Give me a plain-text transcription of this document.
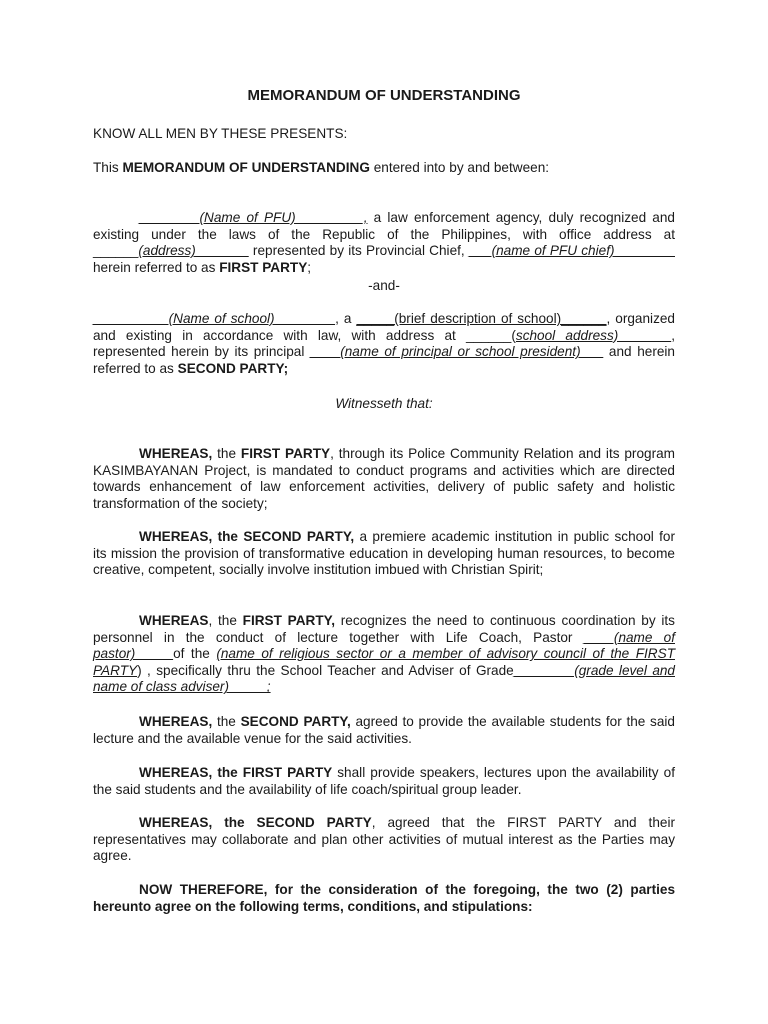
MEMORANDUM OF UNDERSTANDING
KNOW ALL MEN BY THESE PRESENTS:
This MEMORANDUM OF UNDERSTANDING entered into by and between:
________(Name of PFU)_________, a law enforcement agency, duly recognized and existing under the laws of the Republic of the Philippines, with office address at ______(address)_______ represented by its Provincial Chief, ___(name of PFU chief)________ herein referred to as FIRST PARTY;
-and-
__________(Name of school)________, a _____(brief description of school)______, organized and existing in accordance with law, with address at ______(school address)_______, represented herein by its principal ____(name of principal or school president)___ and herein referred to as SECOND PARTY;
Witnesseth that:
WHEREAS, the FIRST PARTY, through its Police Community Relation and its program KASIMBAYANAN Project, is mandated to conduct programs and activities which are directed towards enhancement of law enforcement activities, delivery of public safety and holistic transformation of the society;
WHEREAS, the SECOND PARTY, a premiere academic institution in public school for its mission the provision of transformative education in developing human resources, to become creative, competent, socially involve institution imbued with Christian Spirit;
WHEREAS, the FIRST PARTY, recognizes the need to continuous coordination by its personnel in the conduct of lecture together with Life Coach, Pastor ____(name of pastor)_____of the (name of religious sector or a member of advisory council of the FIRST PARTY) , specifically thru the School Teacher and Adviser of Grade________(grade level and name of class adviser)_____;
WHEREAS, the SECOND PARTY, agreed to provide the available students for the said lecture and the available venue for the said activities.
WHEREAS, the FIRST PARTY shall provide speakers, lectures upon the availability of the said students and the availability of life coach/spiritual group leader.
WHEREAS, the SECOND PARTY, agreed that the FIRST PARTY and their representatives may collaborate and plan other activities of mutual interest as the Parties may agree.
NOW THEREFORE, for the consideration of the foregoing, the two (2) parties hereunto agree on the following terms, conditions, and stipulations:
